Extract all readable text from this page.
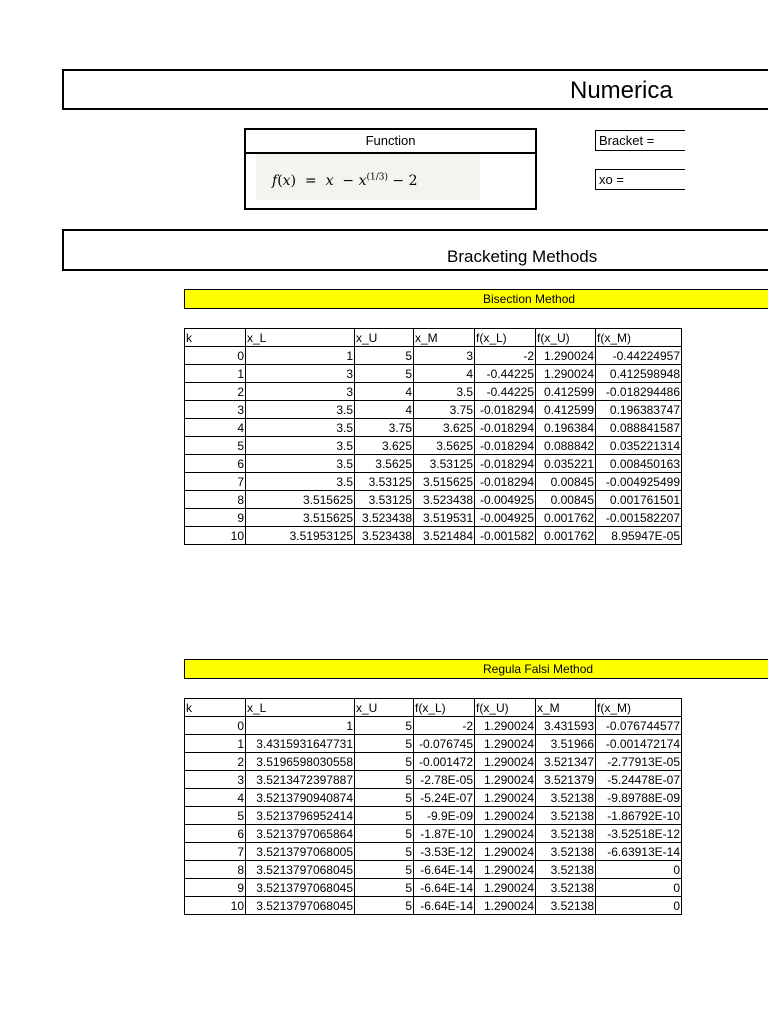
Numerica
Function
$f(x) = x - x^{(1/3)} - 2$
Bracket =
xo =
Bracketing Methods
Bisection Method
k	x_L	x_U	x_M	f(x_L)	f(x_U)	f(x_M)
0	1	5	3	-2	1.290024	-0.44224957
1	3	5	4	-0.44225	1.290024	0.412598948
2	3	4	3.5	-0.44225	0.412599	-0.018294486
3	3.5	4	3.75	-0.018294	0.412599	0.196383747
4	3.5	3.75	3.625	-0.018294	0.196384	0.088841587
5	3.5	3.625	3.5625	-0.018294	0.088842	0.035221314
6	3.5	3.5625	3.53125	-0.018294	0.035221	0.008450163
7	3.5	3.53125	3.515625	-0.018294	0.00845	-0.004925499
8	3.515625	3.53125	3.523438	-0.004925	0.00845	0.001761501
9	3.515625	3.523438	3.519531	-0.004925	0.001762	-0.001582207
10	3.51953125	3.523438	3.521484	-0.001582	0.001762	8.95947E-05
Regula Falsi Method
k	x_L	x_U	f(x_L)	f(x_U)	x_M	f(x_M)
0	1	5	-2	1.290024	3.431593	-0.076744577
1	3.4315931647731	5	-0.076745	1.290024	3.51966	-0.001472174
2	3.5196598030558	5	-0.001472	1.290024	3.521347	-2.77913E-05
3	3.5213472397887	5	-2.78E-05	1.290024	3.521379	-5.24478E-07
4	3.5213790940874	5	-5.24E-07	1.290024	3.52138	-9.89788E-09
5	3.5213796952414	5	-9.9E-09	1.290024	3.52138	-1.86792E-10
6	3.5213797065864	5	-1.87E-10	1.290024	3.52138	-3.52518E-12
7	3.5213797068005	5	-3.53E-12	1.290024	3.52138	-6.63913E-14
8	3.5213797068045	5	-6.64E-14	1.290024	3.52138	0
9	3.5213797068045	5	-6.64E-14	1.290024	3.52138	0
10	3.5213797068045	5	-6.64E-14	1.290024	3.52138	0
